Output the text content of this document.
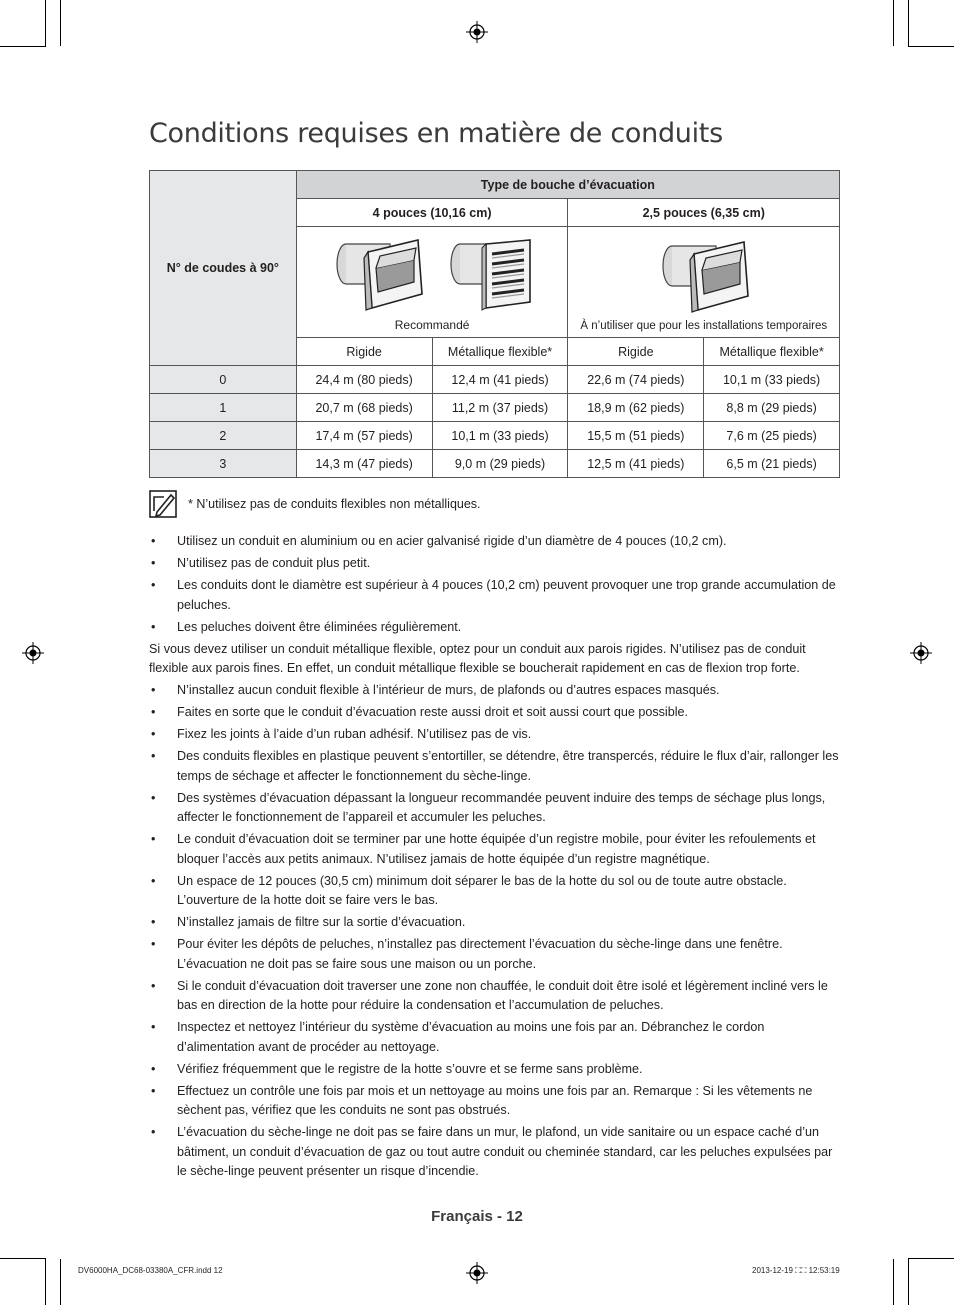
Conditions requises en matière de conduits
N° de coudes à 90°	Type de bouche d’évacuation			
	4 pouces (10,16 cm)		2,5 pouces (6,35 cm)	

	Recommandé		À n’utiliser que pour les installations temporaires	

	Rigide	Métallique flexible*	Rigide	Métallique flexible*
0	24,4 m (80 pieds)	12,4 m (41 pieds)	22,6 m (74 pieds)	10,1 m (33 pieds)
1	20,7 m (68 pieds)	11,2 m (37 pieds)	18,9 m (62 pieds)	8,8 m (29 pieds)
2	17,4 m (57 pieds)	10,1 m (33 pieds)	15,5 m (51 pieds)	7,6 m (25 pieds)
3	14,3 m (47 pieds)	9,0 m (29 pieds)	12,5 m (41 pieds)	6,5 m (21 pieds)
* N’utilisez pas de conduits flexibles non métalliques.
• Utilisez un conduit en aluminium ou en acier galvanisé rigide d’un diamètre de 4 pouces (10,2 cm).
• N’utilisez pas de conduit plus petit.
• Les conduits dont le diamètre est supérieur à 4 pouces (10,2 cm) peuvent provoquer une trop grande accumulation de peluches.
• Les peluches doivent être éliminées régulièrement.

Si vous devez utiliser un conduit métallique flexible, optez pour un conduit aux parois rigides. N’utilisez pas de conduit flexible aux parois fines. En effet, un conduit métallique flexible se boucherait rapidement en cas de flexion trop forte.

• N’installez aucun conduit flexible à l’intérieur de murs, de plafonds ou d’autres espaces masqués.
• Faites en sorte que le conduit d’évacuation reste aussi droit et soit aussi court que possible.
• Fixez les joints à l’aide d’un ruban adhésif. N’utilisez pas de vis.
• Des conduits flexibles en plastique peuvent s’entortiller, se détendre, être transpercés, réduire le flux d’air, rallonger les temps de séchage et affecter le fonctionnement du sèche-linge.
• Des systèmes d’évacuation dépassant la longueur recommandée peuvent induire des temps de séchage plus longs, affecter le fonctionnement de l’appareil et accumuler les peluches.
• Le conduit d’évacuation doit se terminer par une hotte équipée d’un registre mobile, pour éviter les refoulements et bloquer l’accès aux petits animaux. N’utilisez jamais de hotte équipée d’un registre magnétique.
• Un espace de 12 pouces (30,5 cm) minimum doit séparer le bas de la hotte du sol ou de toute autre obstacle. L’ouverture de la hotte doit se faire vers le bas.
• N’installez jamais de filtre sur la sortie d’évacuation.
• Pour éviter les dépôts de peluches, n’installez pas directement l’évacuation du sèche-linge dans une fenêtre. L’évacuation ne doit pas se faire sous une maison ou un porche.
• Si le conduit d’évacuation doit traverser une zone non chauffée, le conduit doit être isolé et légèrement incliné vers le bas en direction de la hotte pour réduire la condensation et l’accumulation de peluches.
• Inspectez et nettoyez l’intérieur du système d’évacuation au moins une fois par an. Débranchez le cordon d’alimentation avant de procéder au nettoyage.
• Vérifiez fréquemment que le registre de la hotte s’ouvre et se ferme sans problème.
• Effectuez un contrôle une fois par mois et un nettoyage au moins une fois par an. Remarque : Si les vêtements ne sèchent pas, vérifiez que les conduits ne sont pas obstrués.
• L’évacuation du sèche-linge ne doit pas se faire dans un mur, le plafond, un vide sanitaire ou un espace caché d’un bâtiment, un conduit d’évacuation de gaz ou tout autre conduit ou cheminée standard, car les peluches expulsées par le sèche-linge peuvent présenter un risque d’incendie.
Français - 12
DV6000HA_DC68-03380A_CFR.indd 12	2013-12-19 ⛶⛶ 12:53:19
